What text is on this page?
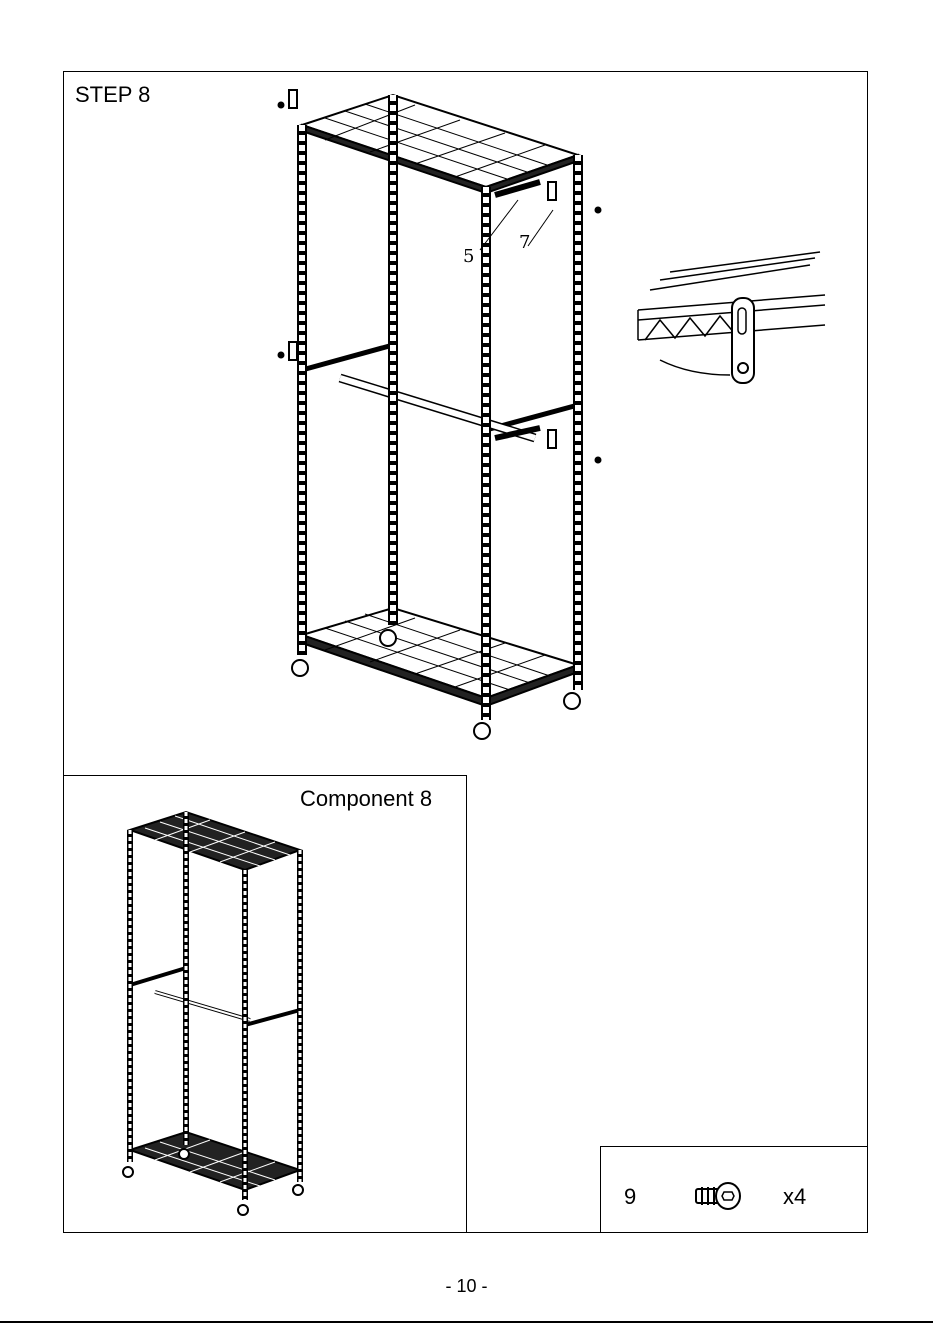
STEP 8
5
7
Component 8
9	x4
- 10 -
